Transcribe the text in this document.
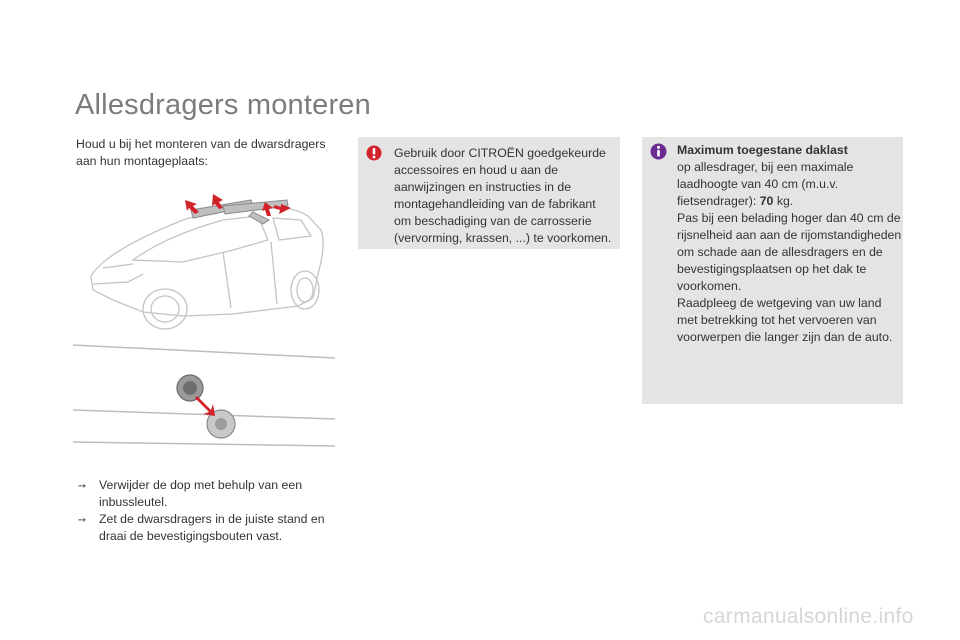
Allesdragers monteren
Houd u bij het monteren van de dwarsdragers aan hun montageplaats:
➙ Verwijder de dop met behulp van een inbussleutel.
➙ Zet de dwarsdragers in de juiste stand en draai de bevestigingsbouten vast.
Gebruik door CITROËN goedgekeurde accessoires en houd u aan de aanwijzingen en instructies in de montagehandleiding van de fabrikant om beschadiging van de carrosserie (vervorming, krassen, ...) te voorkomen.
Maximum toegestane daklast
op allesdrager, bij een maximale laadhoogte van 40 cm (m.u.v. fietsendrager): 70 kg.
Pas bij een belading hoger dan 40 cm de rijsnelheid aan aan de rijomstandigheden om schade aan de allesdragers en de bevestigingsplaatsen op het dak te voorkomen.
Raadpleeg de wetgeving van uw land met betrekking tot het vervoeren van voorwerpen die langer zijn dan de auto.
carmanualsonline.info
